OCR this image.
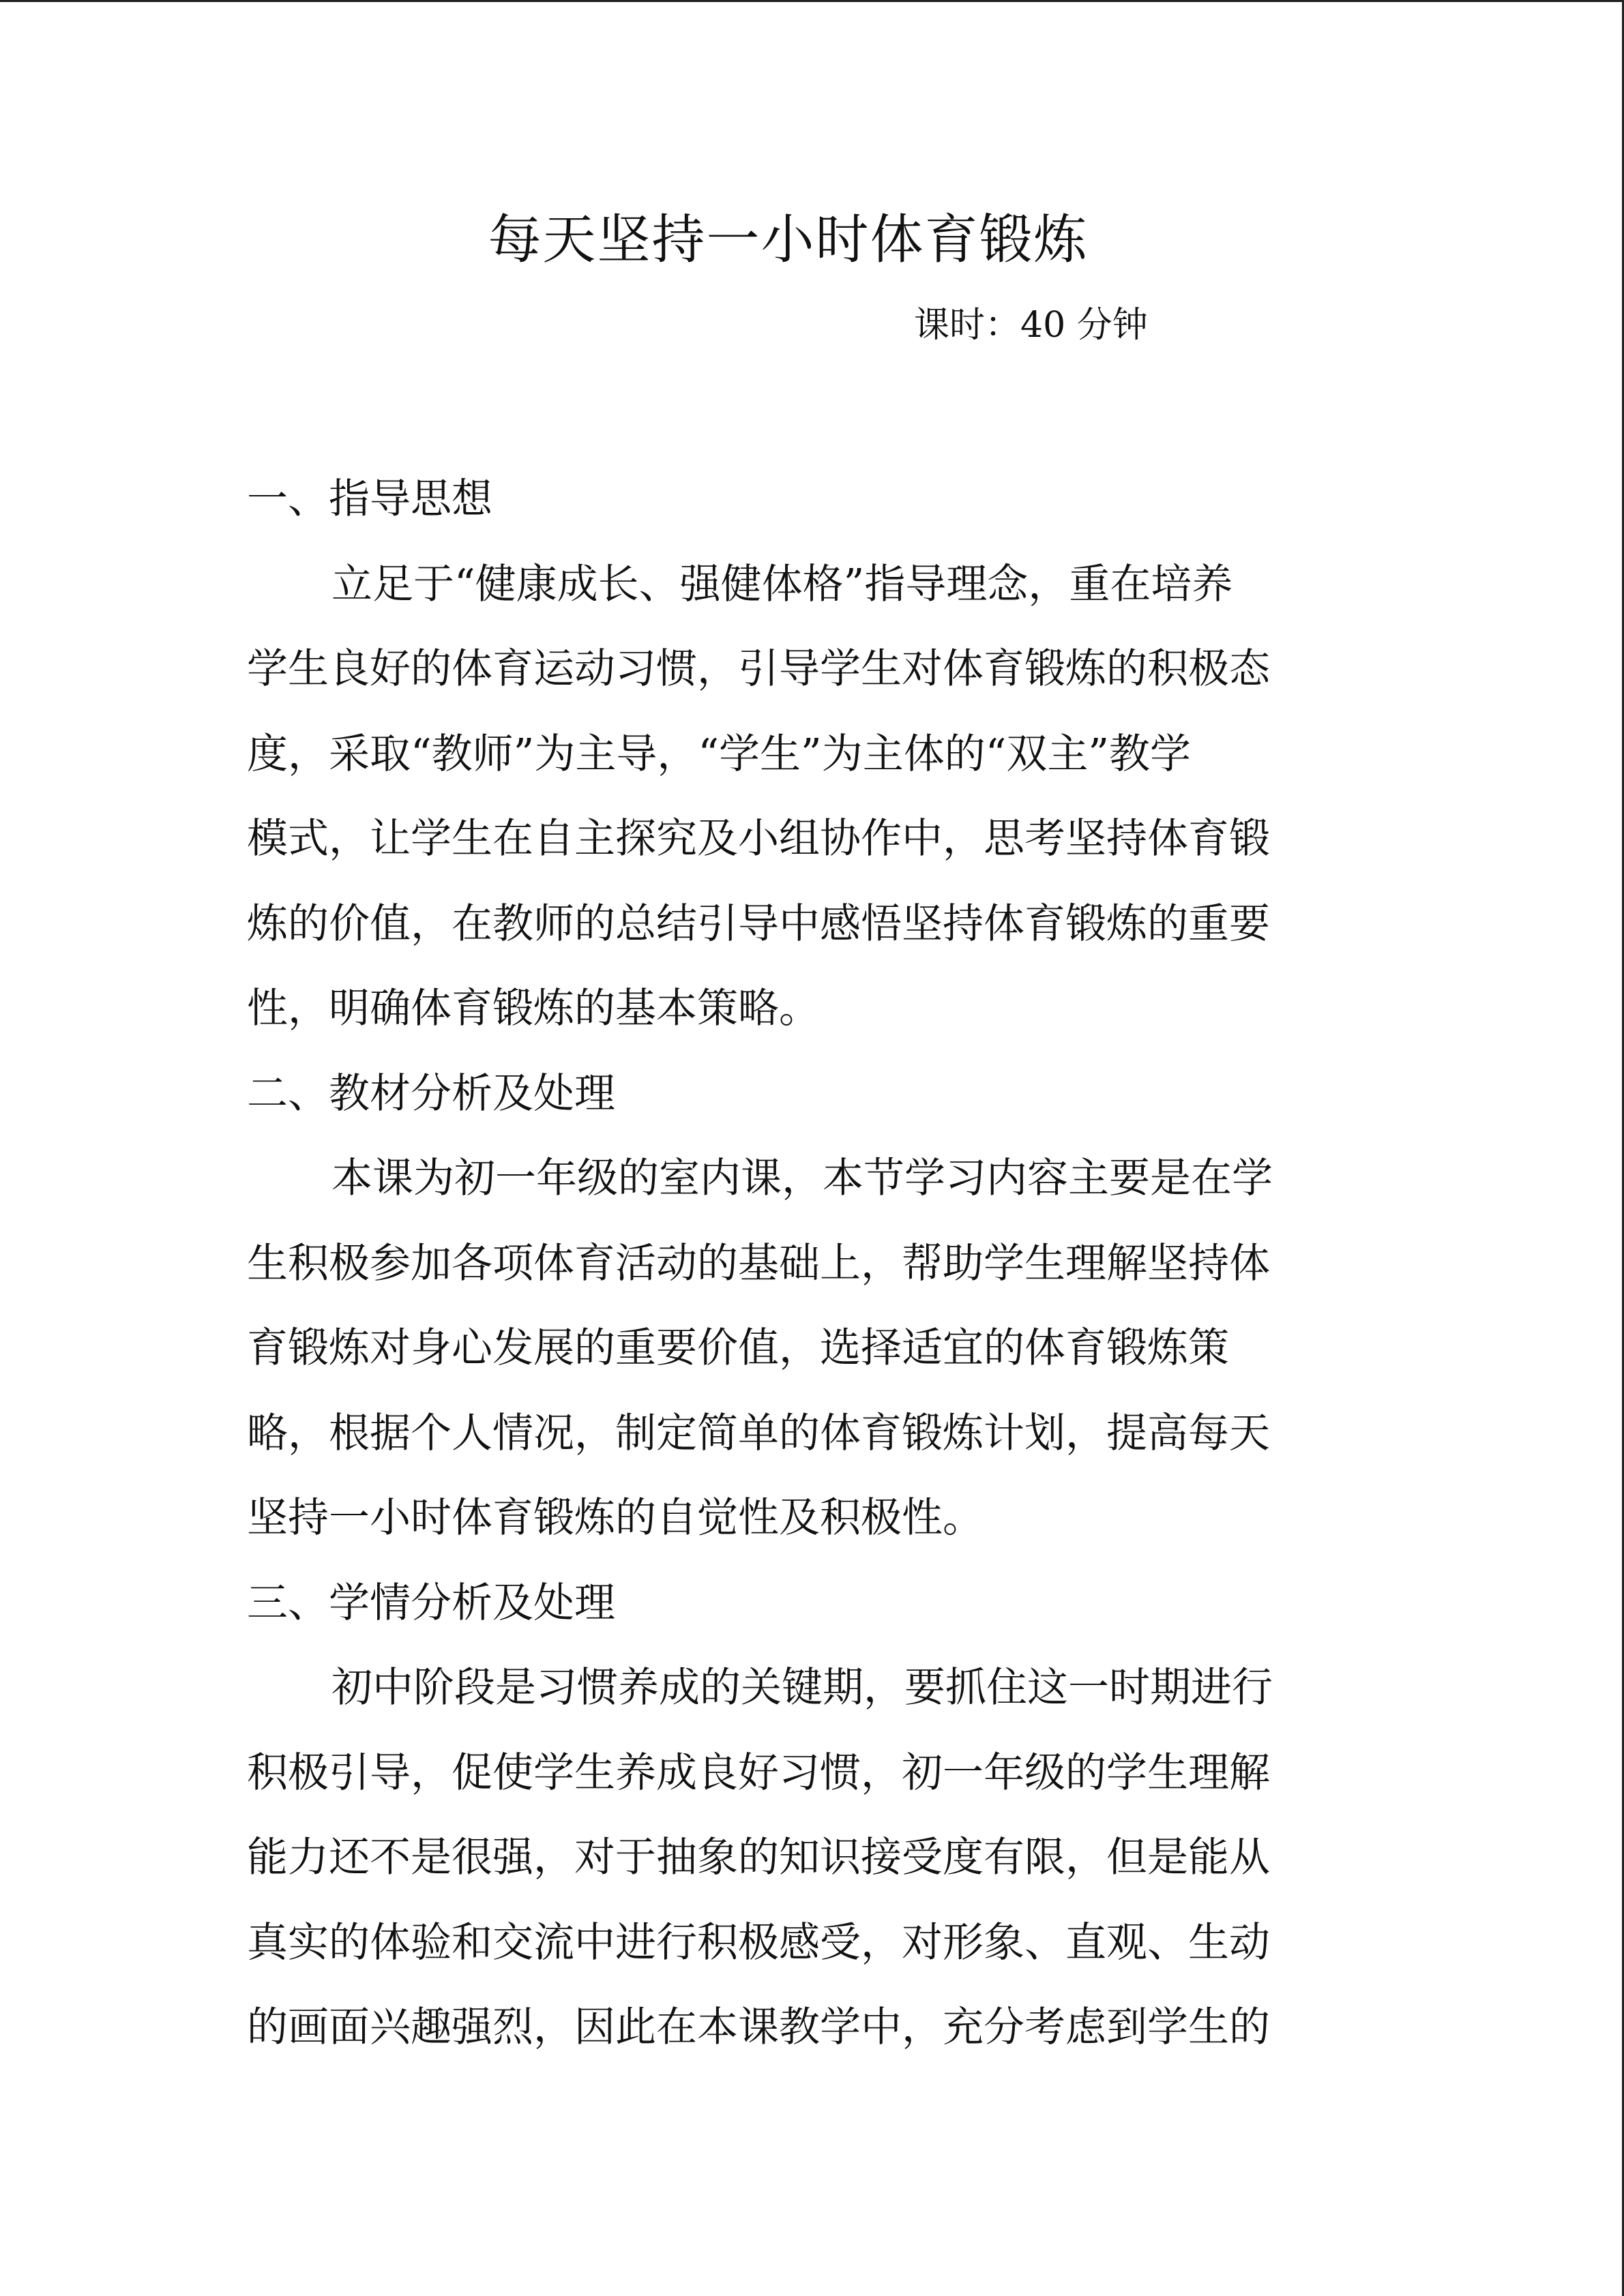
每天坚持一小时体育锻炼
课时：40 分钟
一、指导思想
立足于“健康成长、强健体格”指导理念，重在培养
学生良好的体育运动习惯，引导学生对体育锻炼的积极态
度，采取“教师”为主导，“学生”为主体的“双主”教学
模式，让学生在自主探究及小组协作中，思考坚持体育锻
炼的价值，在教师的总结引导中感悟坚持体育锻炼的重要
性，明确体育锻炼的基本策略。
二、教材分析及处理
本课为初一年级的室内课，本节学习内容主要是在学
生积极参加各项体育活动的基础上，帮助学生理解坚持体
育锻炼对身心发展的重要价值，选择适宜的体育锻炼策
略，根据个人情况，制定简单的体育锻炼计划，提高每天
坚持一小时体育锻炼的自觉性及积极性。
三、学情分析及处理
初中阶段是习惯养成的关键期，要抓住这一时期进行
积极引导，促使学生养成良好习惯，初一年级的学生理解
能力还不是很强，对于抽象的知识接受度有限，但是能从
真实的体验和交流中进行积极感受，对形象、直观、生动
的画面兴趣强烈，因此在本课教学中，充分考虑到学生的
